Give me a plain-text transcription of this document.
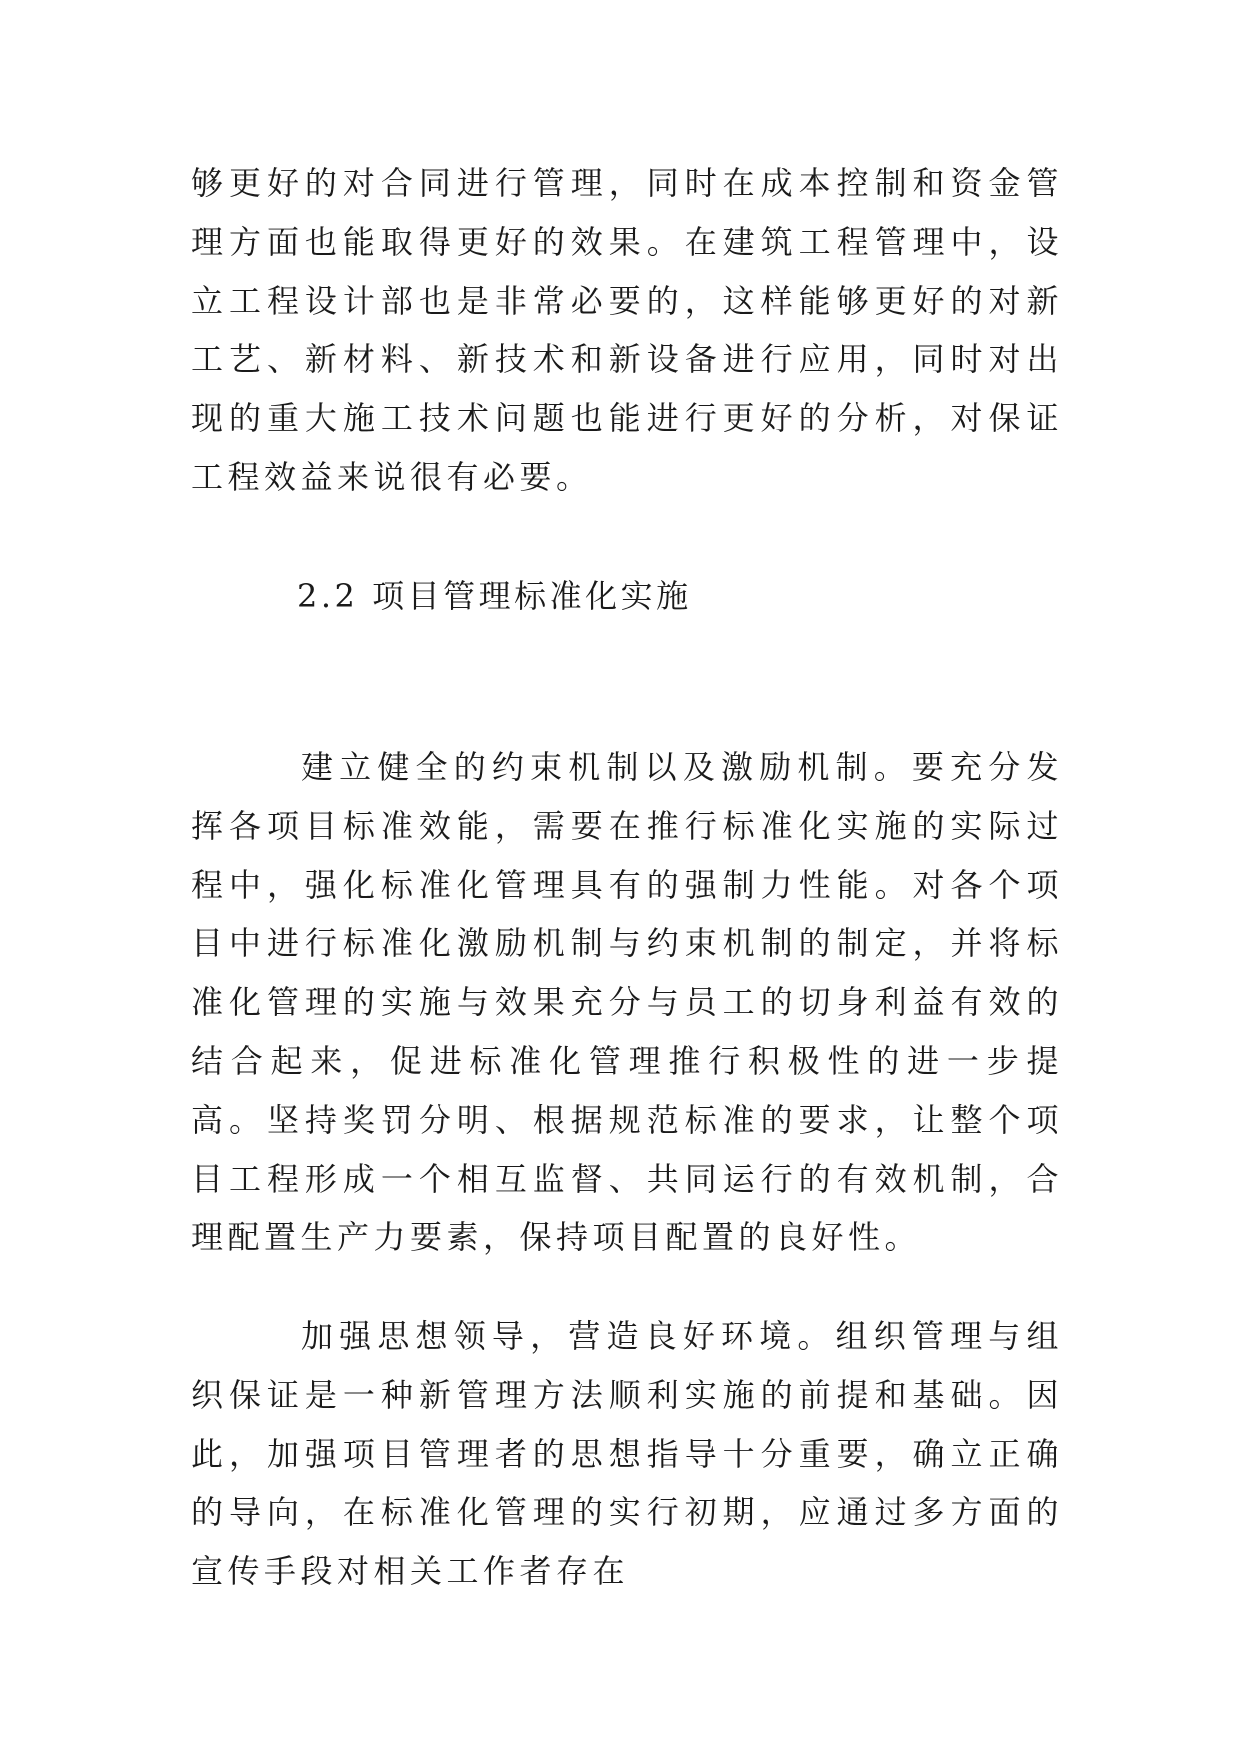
够更好的对合同进行管理，同时在成本控制和资金管理方面也能取得更好的效果。在建筑工程管理中，设立工程设计部也是非常必要的，这样能够更好的对新工艺、新材料、新技术和新设备进行应用，同时对出现的重大施工技术问题也能进行更好的分析，对保证工程效益来说很有必要。

2.2 项目管理标准化实施

建立健全的约束机制以及激励机制。要充分发挥各项目标准效能，需要在推行标准化实施的实际过程中，强化标准化管理具有的强制力性能。对各个项目中进行标准化激励机制与约束机制的制定，并将标准化管理的实施与效果充分与员工的切身利益有效的结合起来，促进标准化管理推行积极性的进一步提高。坚持奖罚分明、根据规范标准的要求，让整个项目工程形成一个相互监督、共同运行的有效机制，合理配置生产力要素，保持项目配置的良好性。

加强思想领导，营造良好环境。组织管理与组织保证是一种新管理方法顺利实施的前提和基础。因此，加强项目管理者的思想指导十分重要，确立正确的导向，在标准化管理的实行初期，应通过多方面的宣传手段对相关工作者存在
